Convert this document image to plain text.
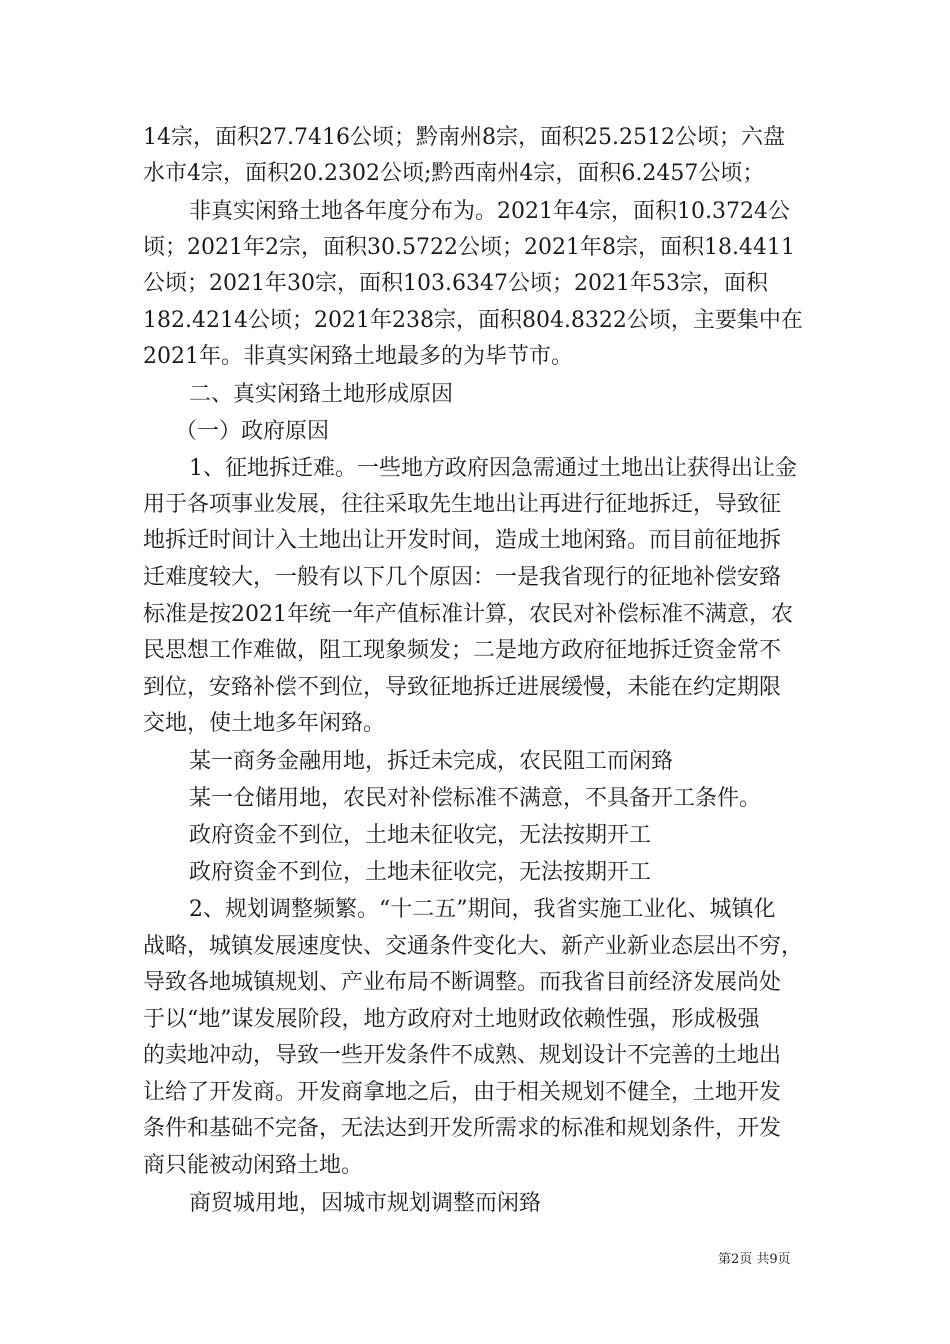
14宗，面积27.7416公顷；黔南州8宗，面积25.2512公顷；六盘
水市4宗，面积20.2302公顷;黔西南州4宗，面积6.2457公顷；
非真实闲臵土地各年度分布为。2021年4宗，面积10.3724公
顷；2021年2宗，面积30.5722公顷；2021年8宗，面积18.4411
公顷；2021年30宗，面积103.6347公顷；2021年53宗，面积
182.4214公顷；2021年238宗，面积804.8322公顷，主要集中在
2021年。非真实闲臵土地最多的为毕节市。
二、真实闲臵土地形成原因
（一）政府原因
1、征地拆迁难。一些地方政府因急需通过土地出让获得出让金
用于各项事业发展，往往采取先生地出让再进行征地拆迁，导致征
地拆迁时间计入土地出让开发时间，造成土地闲臵。而目前征地拆
迁难度较大，一般有以下几个原因：一是我省现行的征地补偿安臵
标准是按2021年统一年产值标准计算，农民对补偿标准不满意，农
民思想工作难做，阻工现象频发；二是地方政府征地拆迁资金常不
到位，安臵补偿不到位，导致征地拆迁进展缓慢，未能在约定期限
交地，使土地多年闲臵。
某一商务金融用地，拆迁未完成，农民阻工而闲臵
某一仓储用地，农民对补偿标准不满意，不具备开工条件。
政府资金不到位，土地未征收完，无法按期开工
政府资金不到位，土地未征收完，无法按期开工
2、规划调整频繁。“十二五”期间，我省实施工业化、城镇化
战略，城镇发展速度快、交通条件变化大、新产业新业态层出不穷，
导致各地城镇规划、产业布局不断调整。而我省目前经济发展尚处
于以“地”谋发展阶段，地方政府对土地财政依赖性强，形成极强
的卖地冲动，导致一些开发条件不成熟、规划设计不完善的土地出
让给了开发商。开发商拿地之后，由于相关规划不健全，土地开发
条件和基础不完备，无法达到开发所需求的标准和规划条件，开发
商只能被动闲臵土地。
商贸城用地，因城市规划调整而闲臵
第2页 共9页
